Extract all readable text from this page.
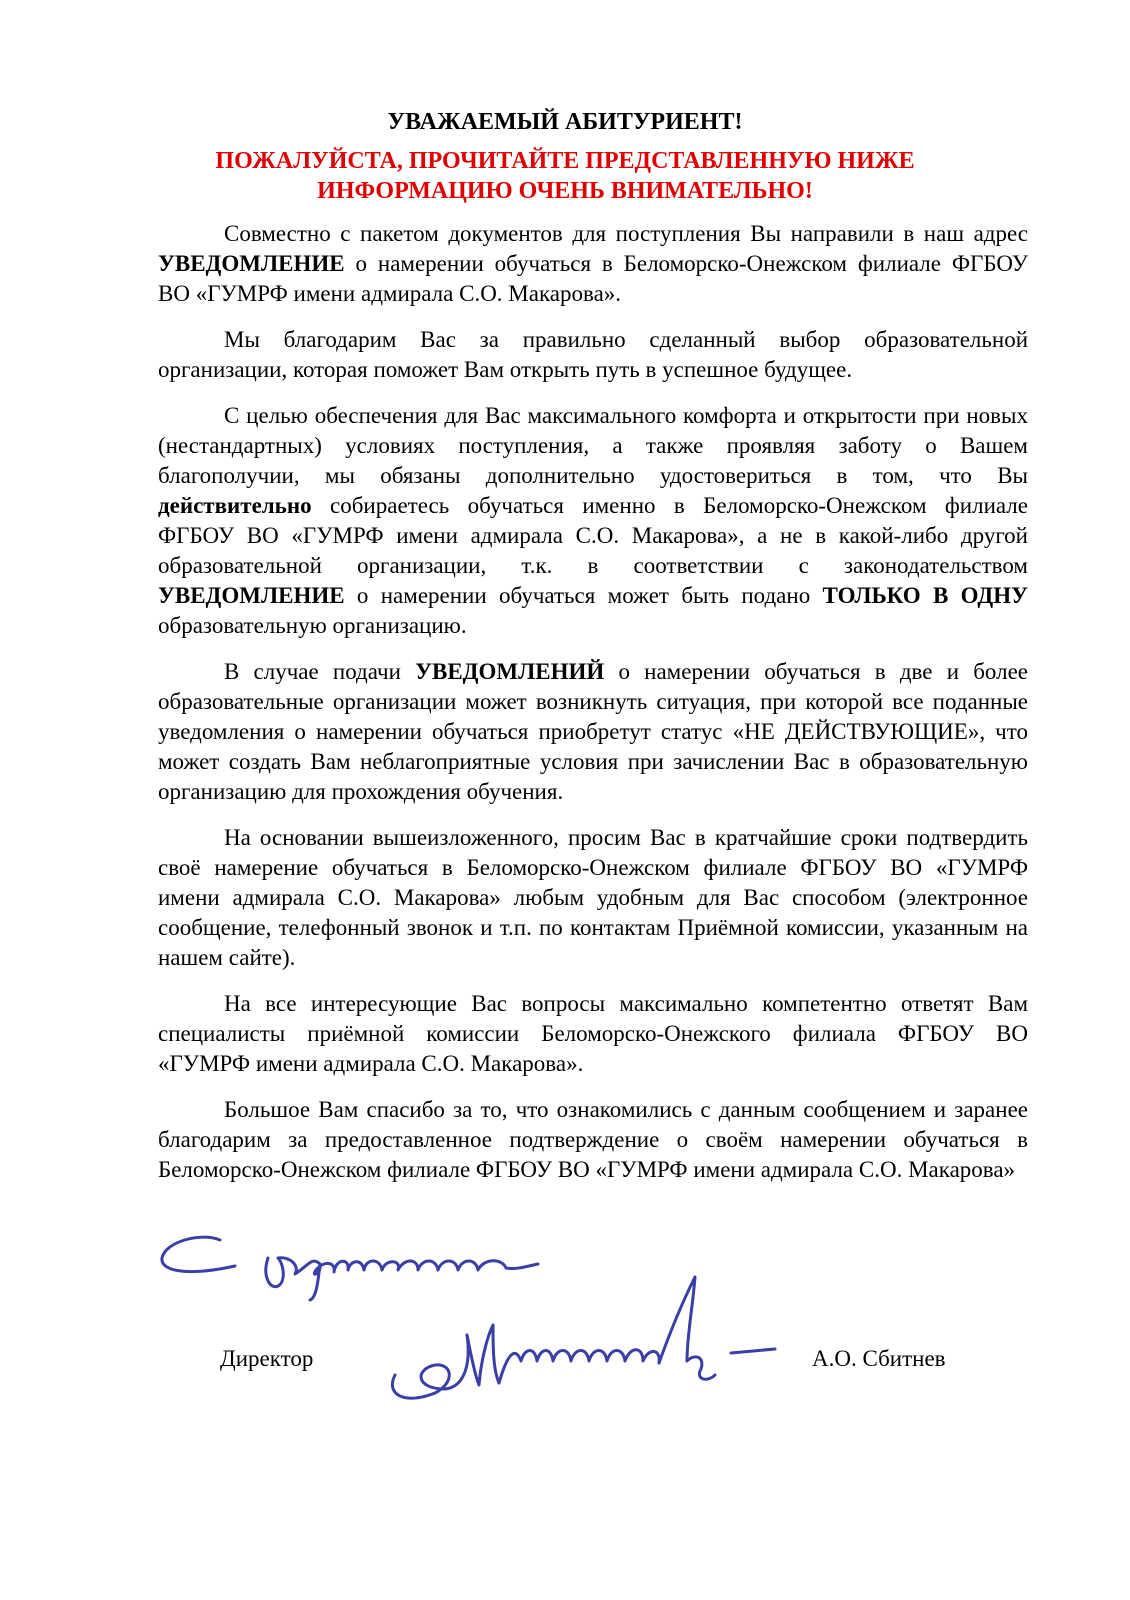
УВАЖАЕМЫЙ АБИТУРИЕНТ!
ПОЖАЛУЙСТА, ПРОЧИТАЙТЕ ПРЕДСТАВЛЕННУЮ НИЖЕ
ИНФОРМАЦИЮ ОЧЕНЬ ВНИМАТЕЛЬНО!

Совместно с пакетом документов для поступления Вы направили в наш адрес УВЕДОМЛЕНИЕ о намерении обучаться в Беломорско-Онежском филиале ФГБОУ ВО «ГУМРФ имени адмирала С.О. Макарова».

Мы благодарим Вас за правильно сделанный выбор образовательной организации, которая поможет Вам открыть путь в успешное будущее.

С целью обеспечения для Вас максимального комфорта и открытости при новых (нестандартных) условиях поступления, а также проявляя заботу о Вашем благополучии, мы обязаны дополнительно удостовериться в том, что Вы действительно собираетесь обучаться именно в Беломорско-Онежском филиале ФГБОУ ВО «ГУМРФ имени адмирала С.О. Макарова», а не в какой-либо другой образовательной организации, т.к. в соответствии с законодательством УВЕДОМЛЕНИЕ о намерении обучаться может быть подано ТОЛЬКО В ОДНУ образовательную организацию.

В случае подачи УВЕДОМЛЕНИЙ о намерении обучаться в две и более образовательные организации может возникнуть ситуация, при которой все поданные уведомления о намерении обучаться приобретут статус «НЕ ДЕЙСТВУЮЩИЕ», что может создать Вам неблагоприятные условия при зачислении Вас в образовательную организацию для прохождения обучения.

На основании вышеизложенного, просим Вас в кратчайшие сроки подтвердить своё намерение обучаться в Беломорско-Онежском филиале ФГБОУ ВО «ГУМРФ имени адмирала С.О. Макарова» любым удобным для Вас способом (электронное сообщение, телефонный звонок и т.п. по контактам Приёмной комиссии, указанным на нашем сайте).

На все интересующие Вас вопросы максимально компетентно ответят Вам специалисты приёмной комиссии Беломорско-Онежского филиала ФГБОУ ВО «ГУМРФ имени адмирала С.О. Макарова».

Большое Вам спасибо за то, что ознакомились с данным сообщением и заранее благодарим за предоставленное подтверждение о своём намерении обучаться в Беломорско-Онежском филиале ФГБОУ ВО «ГУМРФ имени адмирала С.О. Макарова»

Директор	А.О. Сбитнев
